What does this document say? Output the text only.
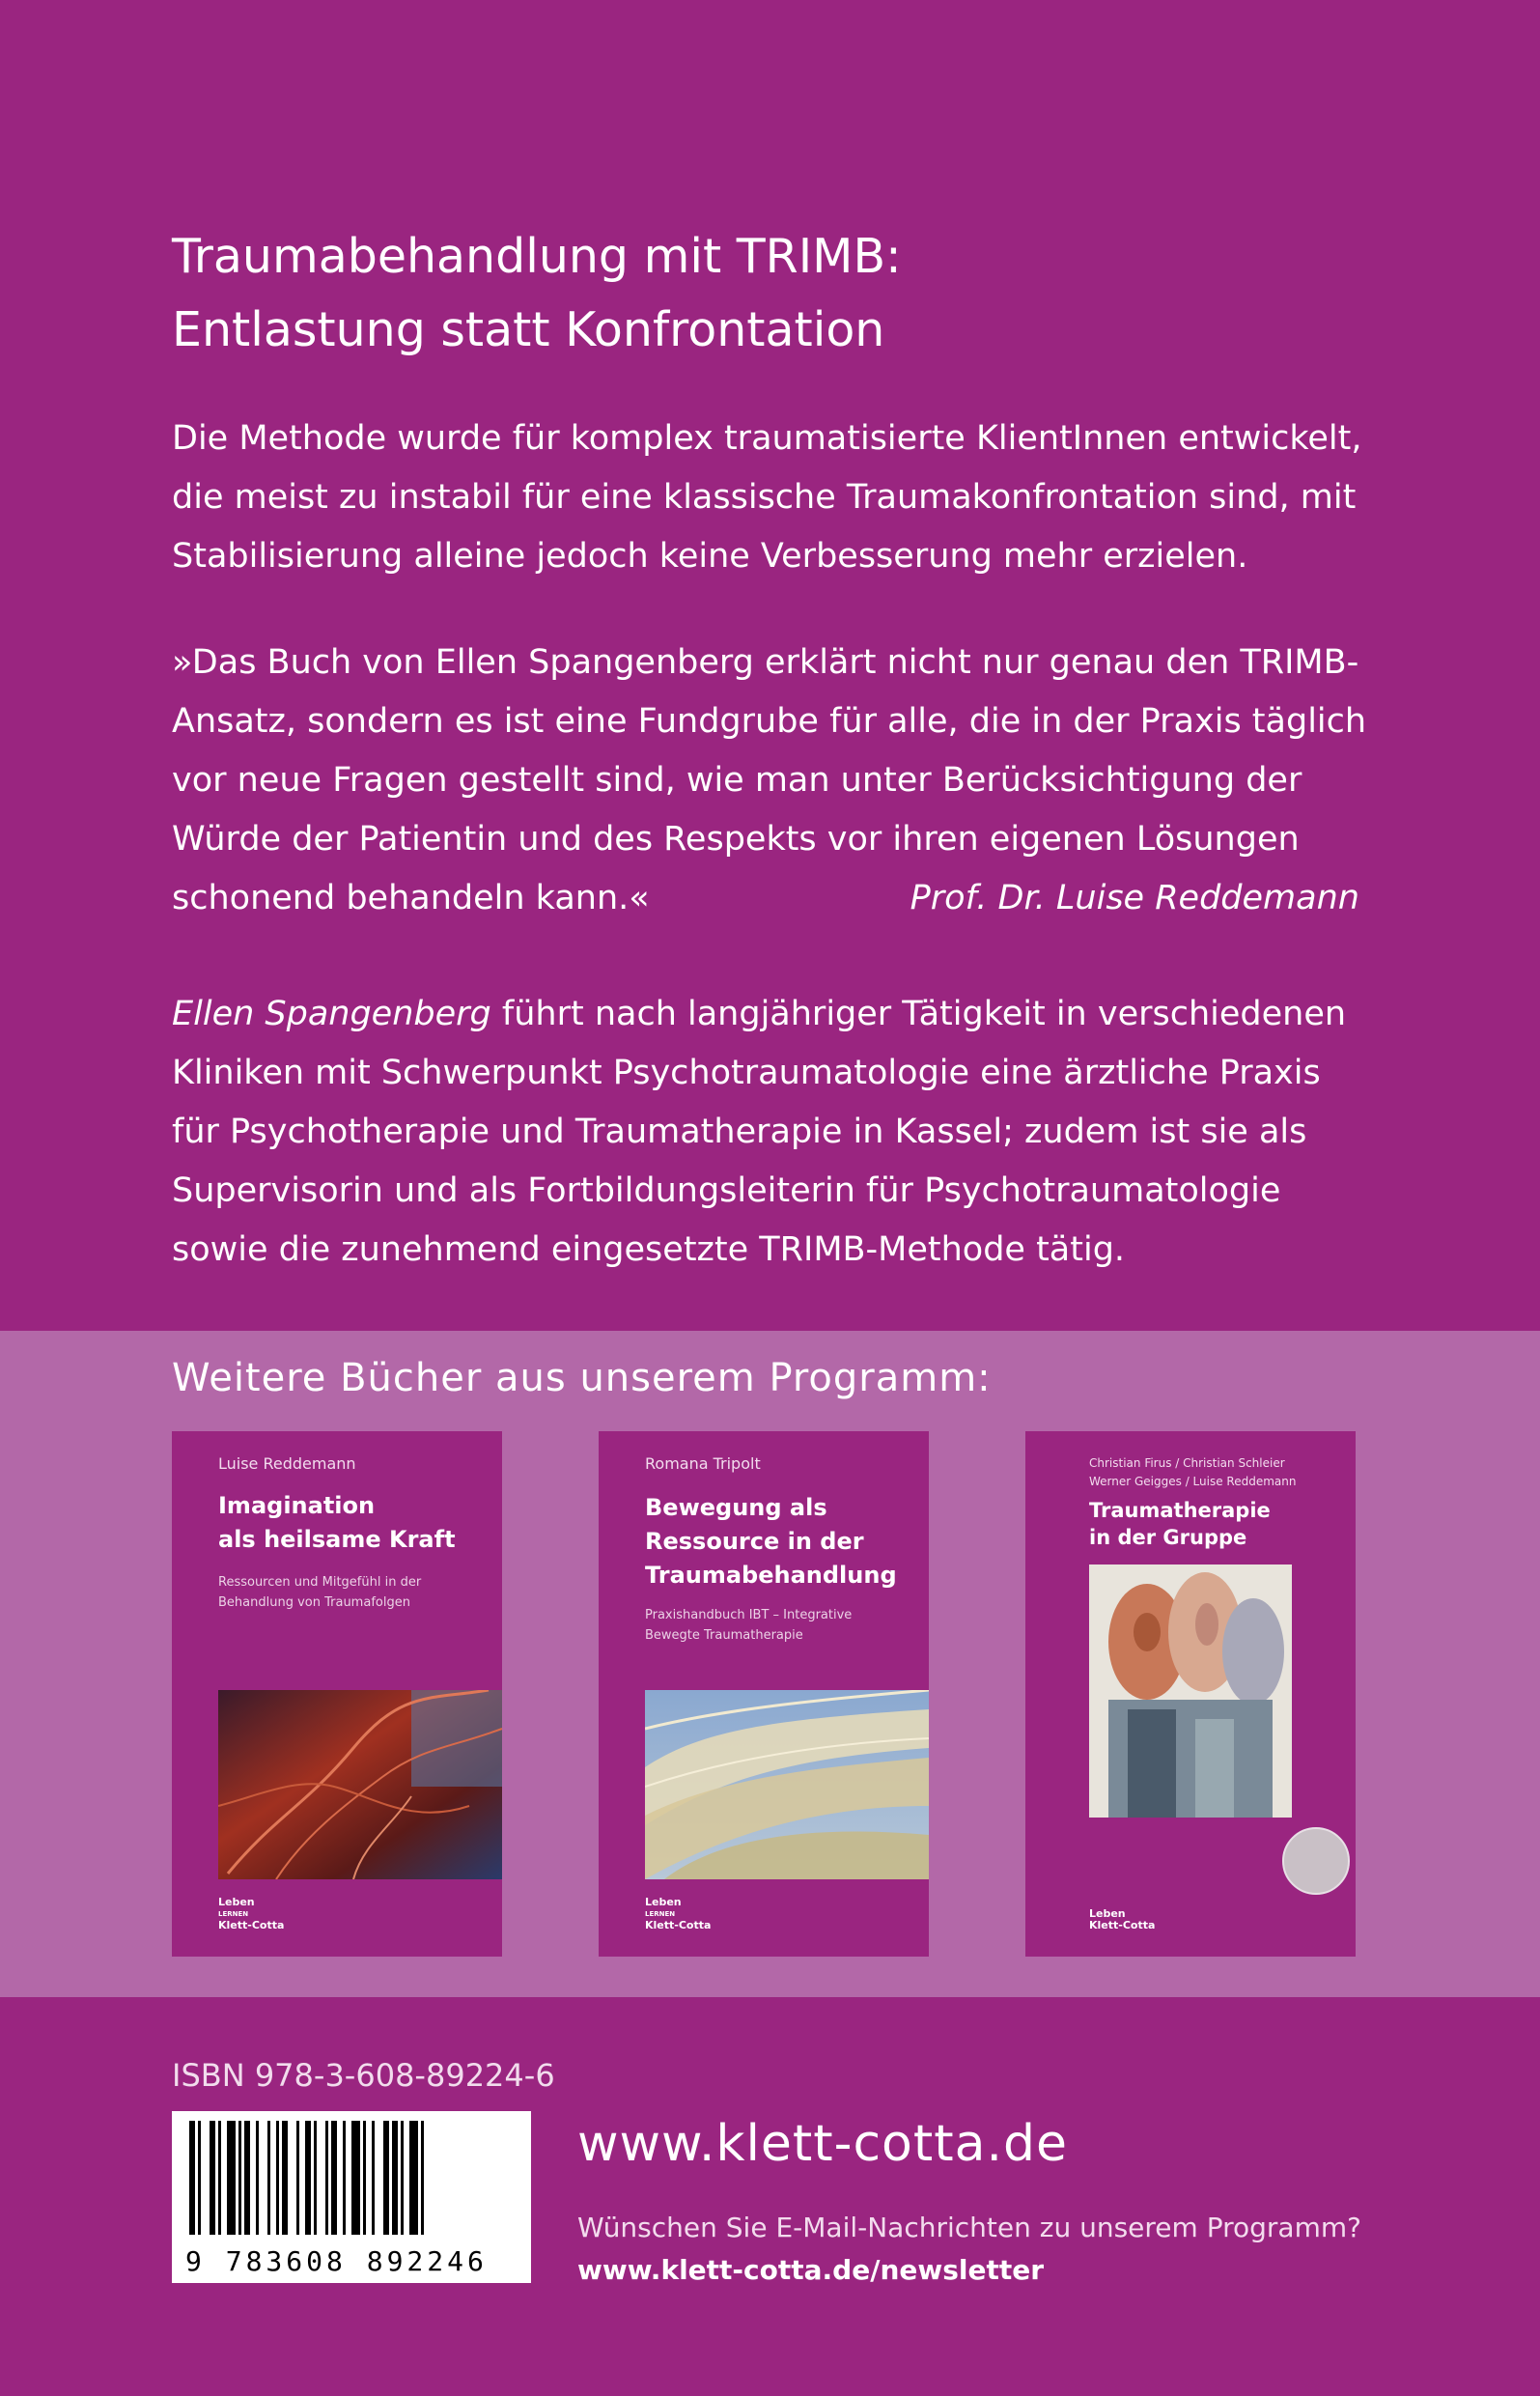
Traumabehandlung mit TRIMB:
Entlastung statt Konfrontation
Die Methode wurde für komplex traumatisierte KlientInnen entwickelt,
die meist zu instabil für eine klassische Traumakonfrontation sind, mit
Stabilisierung alleine jedoch keine Verbesserung mehr erzielen.
»Das Buch von Ellen Spangenberg erklärt nicht nur genau den TRIMB-
Ansatz, sondern es ist eine Fundgrube für alle, die in der Praxis täglich
vor neue Fragen gestellt sind, wie man unter Berücksichtigung der
Würde der Patientin und des Respekts vor ihren eigenen Lösungen
schonend behandeln kann.«	Prof. Dr. Luise Reddemann
Ellen Spangenberg führt nach langjähriger Tätigkeit in verschiedenen
Kliniken mit Schwerpunkt Psychotraumatologie eine ärztliche Praxis
für Psychotherapie und Traumatherapie in Kassel; zudem ist sie als
Supervisorin und als Fortbildungsleiterin für Psychotraumatologie
sowie die zunehmend eingesetzte TRIMB-Methode tätig.
Weitere Bücher aus unserem Programm:
Luise Reddemann
Imagination
als heilsame Kraft
Ressourcen und Mitgefühl in der
Behandlung von Traumafolgen
Leben
LERNEN
Klett-Cotta
Romana Tripolt
Bewegung als
Ressource in der
Traumabehandlung
Praxishandbuch IBT – Integrative
Bewegte Traumatherapie
Leben
LERNEN
Klett-Cotta
Christian Firus / Christian Schleier
Werner Geigges / Luise Reddemann
Traumatherapie
in der Gruppe
Leben
Klett-Cotta
ISBN 978-3-608-89224-6
9 783608 892246
www.klett-cotta.de
Wünschen Sie E-Mail-Nachrichten zu unserem Programm?
www.klett-cotta.de/newsletter
